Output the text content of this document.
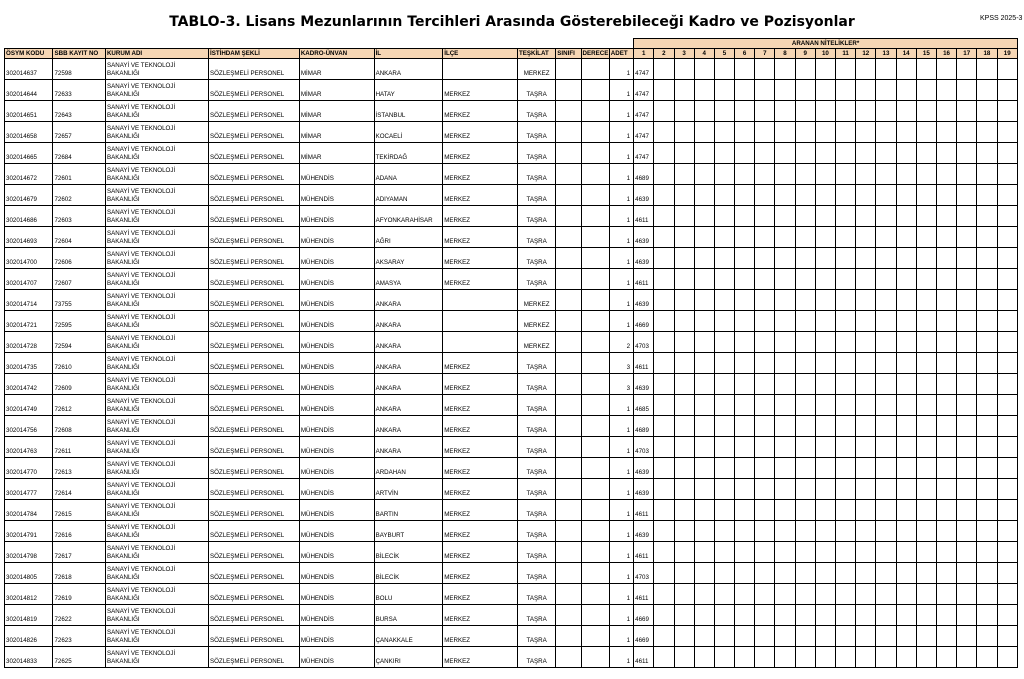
TABLO-3. Lisans Mezunlarının Tercihleri Arasında Gösterebileceği Kadro ve Pozisyonlar	KPSS 2025-3
											ARANAN NİTELİKLER*																		
ÖSYM KODU	SBB KAYIT NO	KURUM ADI	İSTİHDAM ŞEKLİ	KADRO-ÜNVAN	İL	İLÇE	TEŞKİLAT	SINIFI	DERECE	ADET	1	2	3	4	5	6	7	8	9	10	11	12	13	14	15	16	17	18	19
302014637	72598	SANAYİ VE TEKNOLOJİ BAKANLIĞI	SÖZLEŞMELİ PERSONEL	MİMAR	ANKARA		MERKEZ			1	4747																		
302014644	72633	SANAYİ VE TEKNOLOJİ BAKANLIĞI	SÖZLEŞMELİ PERSONEL	MİMAR	HATAY	MERKEZ	TAŞRA			1	4747																		
302014651	72643	SANAYİ VE TEKNOLOJİ BAKANLIĞI	SÖZLEŞMELİ PERSONEL	MİMAR	İSTANBUL	MERKEZ	TAŞRA			1	4747																		
302014658	72657	SANAYİ VE TEKNOLOJİ BAKANLIĞI	SÖZLEŞMELİ PERSONEL	MİMAR	KOCAELİ	MERKEZ	TAŞRA			1	4747																		
302014665	72684	SANAYİ VE TEKNOLOJİ BAKANLIĞI	SÖZLEŞMELİ PERSONEL	MİMAR	TEKİRDAĞ	MERKEZ	TAŞRA			1	4747																		
302014672	72601	SANAYİ VE TEKNOLOJİ BAKANLIĞI	SÖZLEŞMELİ PERSONEL	MÜHENDİS	ADANA	MERKEZ	TAŞRA			1	4689																		
302014679	72602	SANAYİ VE TEKNOLOJİ BAKANLIĞI	SÖZLEŞMELİ PERSONEL	MÜHENDİS	ADIYAMAN	MERKEZ	TAŞRA			1	4639																		
302014686	72603	SANAYİ VE TEKNOLOJİ BAKANLIĞI	SÖZLEŞMELİ PERSONEL	MÜHENDİS	AFYONKARAHİSAR	MERKEZ	TAŞRA			1	4611																		
302014693	72604	SANAYİ VE TEKNOLOJİ BAKANLIĞI	SÖZLEŞMELİ PERSONEL	MÜHENDİS	AĞRI	MERKEZ	TAŞRA			1	4639																		
302014700	72606	SANAYİ VE TEKNOLOJİ BAKANLIĞI	SÖZLEŞMELİ PERSONEL	MÜHENDİS	AKSARAY	MERKEZ	TAŞRA			1	4639																		
302014707	72607	SANAYİ VE TEKNOLOJİ BAKANLIĞI	SÖZLEŞMELİ PERSONEL	MÜHENDİS	AMASYA	MERKEZ	TAŞRA			1	4611																		
302014714	73755	SANAYİ VE TEKNOLOJİ BAKANLIĞI	SÖZLEŞMELİ PERSONEL	MÜHENDİS	ANKARA		MERKEZ			1	4639																		
302014721	72595	SANAYİ VE TEKNOLOJİ BAKANLIĞI	SÖZLEŞMELİ PERSONEL	MÜHENDİS	ANKARA		MERKEZ			1	4669																		
302014728	72594	SANAYİ VE TEKNOLOJİ BAKANLIĞI	SÖZLEŞMELİ PERSONEL	MÜHENDİS	ANKARA		MERKEZ			2	4703																		
302014735	72610	SANAYİ VE TEKNOLOJİ BAKANLIĞI	SÖZLEŞMELİ PERSONEL	MÜHENDİS	ANKARA	MERKEZ	TAŞRA			3	4611																		
302014742	72609	SANAYİ VE TEKNOLOJİ BAKANLIĞI	SÖZLEŞMELİ PERSONEL	MÜHENDİS	ANKARA	MERKEZ	TAŞRA			3	4639																		
302014749	72612	SANAYİ VE TEKNOLOJİ BAKANLIĞI	SÖZLEŞMELİ PERSONEL	MÜHENDİS	ANKARA	MERKEZ	TAŞRA			1	4685																		
302014756	72608	SANAYİ VE TEKNOLOJİ BAKANLIĞI	SÖZLEŞMELİ PERSONEL	MÜHENDİS	ANKARA	MERKEZ	TAŞRA			1	4689																		
302014763	72611	SANAYİ VE TEKNOLOJİ BAKANLIĞI	SÖZLEŞMELİ PERSONEL	MÜHENDİS	ANKARA	MERKEZ	TAŞRA			1	4703																		
302014770	72613	SANAYİ VE TEKNOLOJİ BAKANLIĞI	SÖZLEŞMELİ PERSONEL	MÜHENDİS	ARDAHAN	MERKEZ	TAŞRA			1	4639																		
302014777	72614	SANAYİ VE TEKNOLOJİ BAKANLIĞI	SÖZLEŞMELİ PERSONEL	MÜHENDİS	ARTVİN	MERKEZ	TAŞRA			1	4639																		
302014784	72615	SANAYİ VE TEKNOLOJİ BAKANLIĞI	SÖZLEŞMELİ PERSONEL	MÜHENDİS	BARTIN	MERKEZ	TAŞRA			1	4611																		
302014791	72616	SANAYİ VE TEKNOLOJİ BAKANLIĞI	SÖZLEŞMELİ PERSONEL	MÜHENDİS	BAYBURT	MERKEZ	TAŞRA			1	4639																		
302014798	72617	SANAYİ VE TEKNOLOJİ BAKANLIĞI	SÖZLEŞMELİ PERSONEL	MÜHENDİS	BİLECİK	MERKEZ	TAŞRA			1	4611																		
302014805	72618	SANAYİ VE TEKNOLOJİ BAKANLIĞI	SÖZLEŞMELİ PERSONEL	MÜHENDİS	BİLECİK	MERKEZ	TAŞRA			1	4703																		
302014812	72619	SANAYİ VE TEKNOLOJİ BAKANLIĞI	SÖZLEŞMELİ PERSONEL	MÜHENDİS	BOLU	MERKEZ	TAŞRA			1	4611																		
302014819	72622	SANAYİ VE TEKNOLOJİ BAKANLIĞI	SÖZLEŞMELİ PERSONEL	MÜHENDİS	BURSA	MERKEZ	TAŞRA			1	4669																		
302014826	72623	SANAYİ VE TEKNOLOJİ BAKANLIĞI	SÖZLEŞMELİ PERSONEL	MÜHENDİS	ÇANAKKALE	MERKEZ	TAŞRA			1	4669																		
302014833	72625	SANAYİ VE TEKNOLOJİ BAKANLIĞI	SÖZLEŞMELİ PERSONEL	MÜHENDİS	ÇANKIRI	MERKEZ	TAŞRA			1	4611																		
